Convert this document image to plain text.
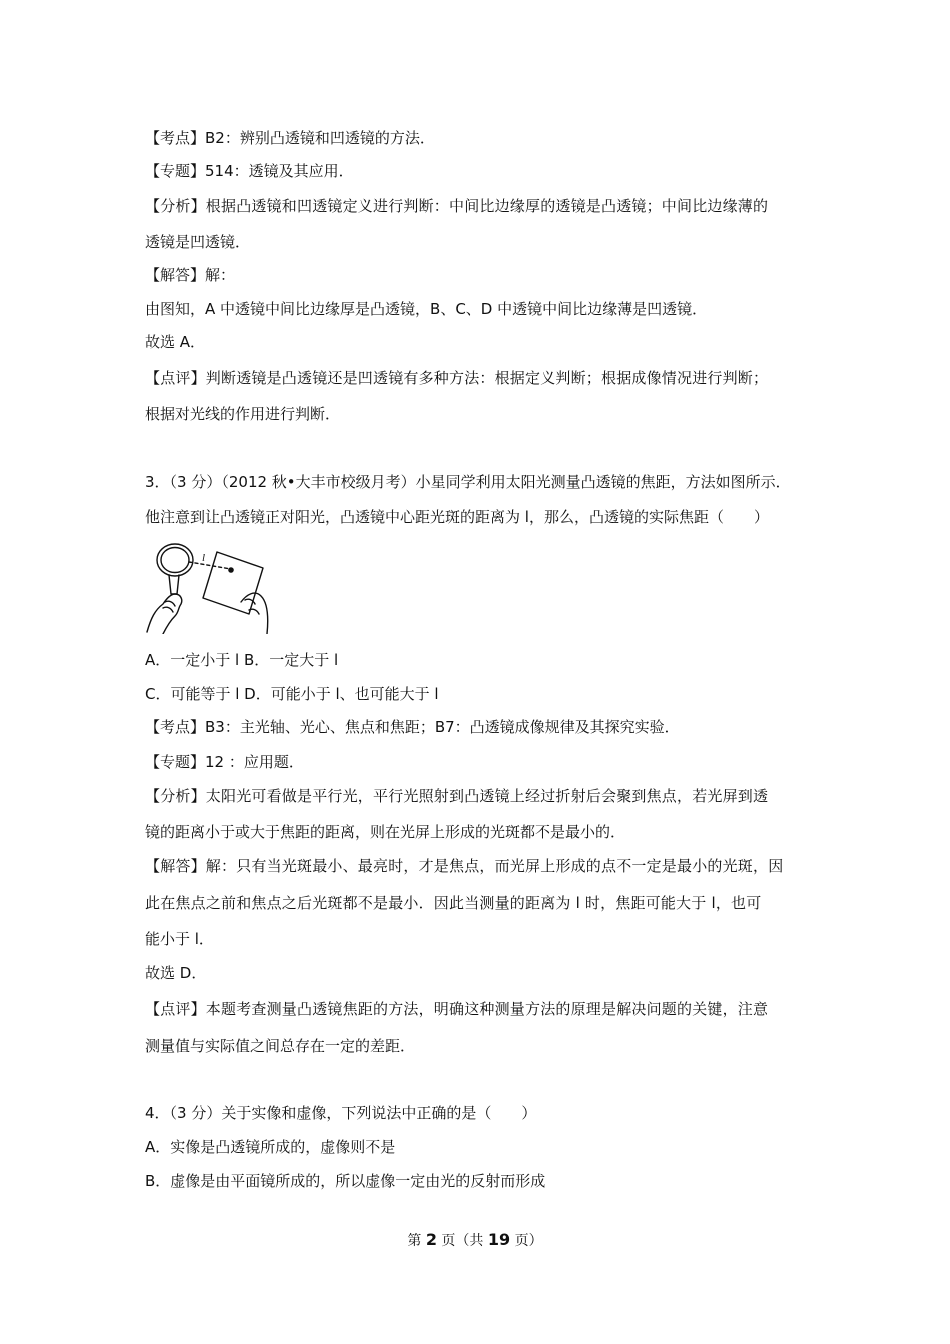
【考点】B2：辨别凸透镜和凹透镜的方法．
【专题】514：透镜及其应用．
【分析】根据凸透镜和凹透镜定义进行判断：中间比边缘厚的透镜是凸透镜；中间比边缘薄的
透镜是凹透镜．
【解答】解：
由图知，A 中透镜中间比边缘厚是凸透镜，B、C、D 中透镜中间比边缘薄是凹透镜．
故选 A．
【点评】判断透镜是凸透镜还是凹透镜有多种方法：根据定义判断；根据成像情况进行判断；
根据对光线的作用进行判断．
3．（3 分）（2012 秋•大丰市校级月考）小星同学利用太阳光测量凸透镜的焦距，方法如图所示．
他注意到让凸透镜正对阳光，凸透镜中心距光斑的距离为 l，那么，凸透镜的实际焦距（　　）
l
A．一定小于 l B．一定大于 l
C．可能等于 l D．可能小于 l、也可能大于 l
【考点】B3：主光轴、光心、焦点和焦距；B7：凸透镜成像规律及其探究实验．
【专题】12 ：应用题．
【分析】太阳光可看做是平行光，平行光照射到凸透镜上经过折射后会聚到焦点，若光屏到透
镜的距离小于或大于焦距的距离，则在光屏上形成的光斑都不是最小的．
【解答】解：只有当光斑最小、最亮时，才是焦点，而光屏上形成的点不一定是最小的光斑，因
此在焦点之前和焦点之后光斑都不是最小．因此当测量的距离为 l 时，焦距可能大于 l，也可
能小于 l．
故选 D．
【点评】本题考查测量凸透镜焦距的方法，明确这种测量方法的原理是解决问题的关键，注意
测量值与实际值之间总存在一定的差距．
4．（3 分）关于实像和虚像，下列说法中正确的是（　　）
A．实像是凸透镜所成的，虚像则不是
B．虚像是由平面镜所成的，所以虚像一定由光的反射而形成
第 2 页（共 19 页）
